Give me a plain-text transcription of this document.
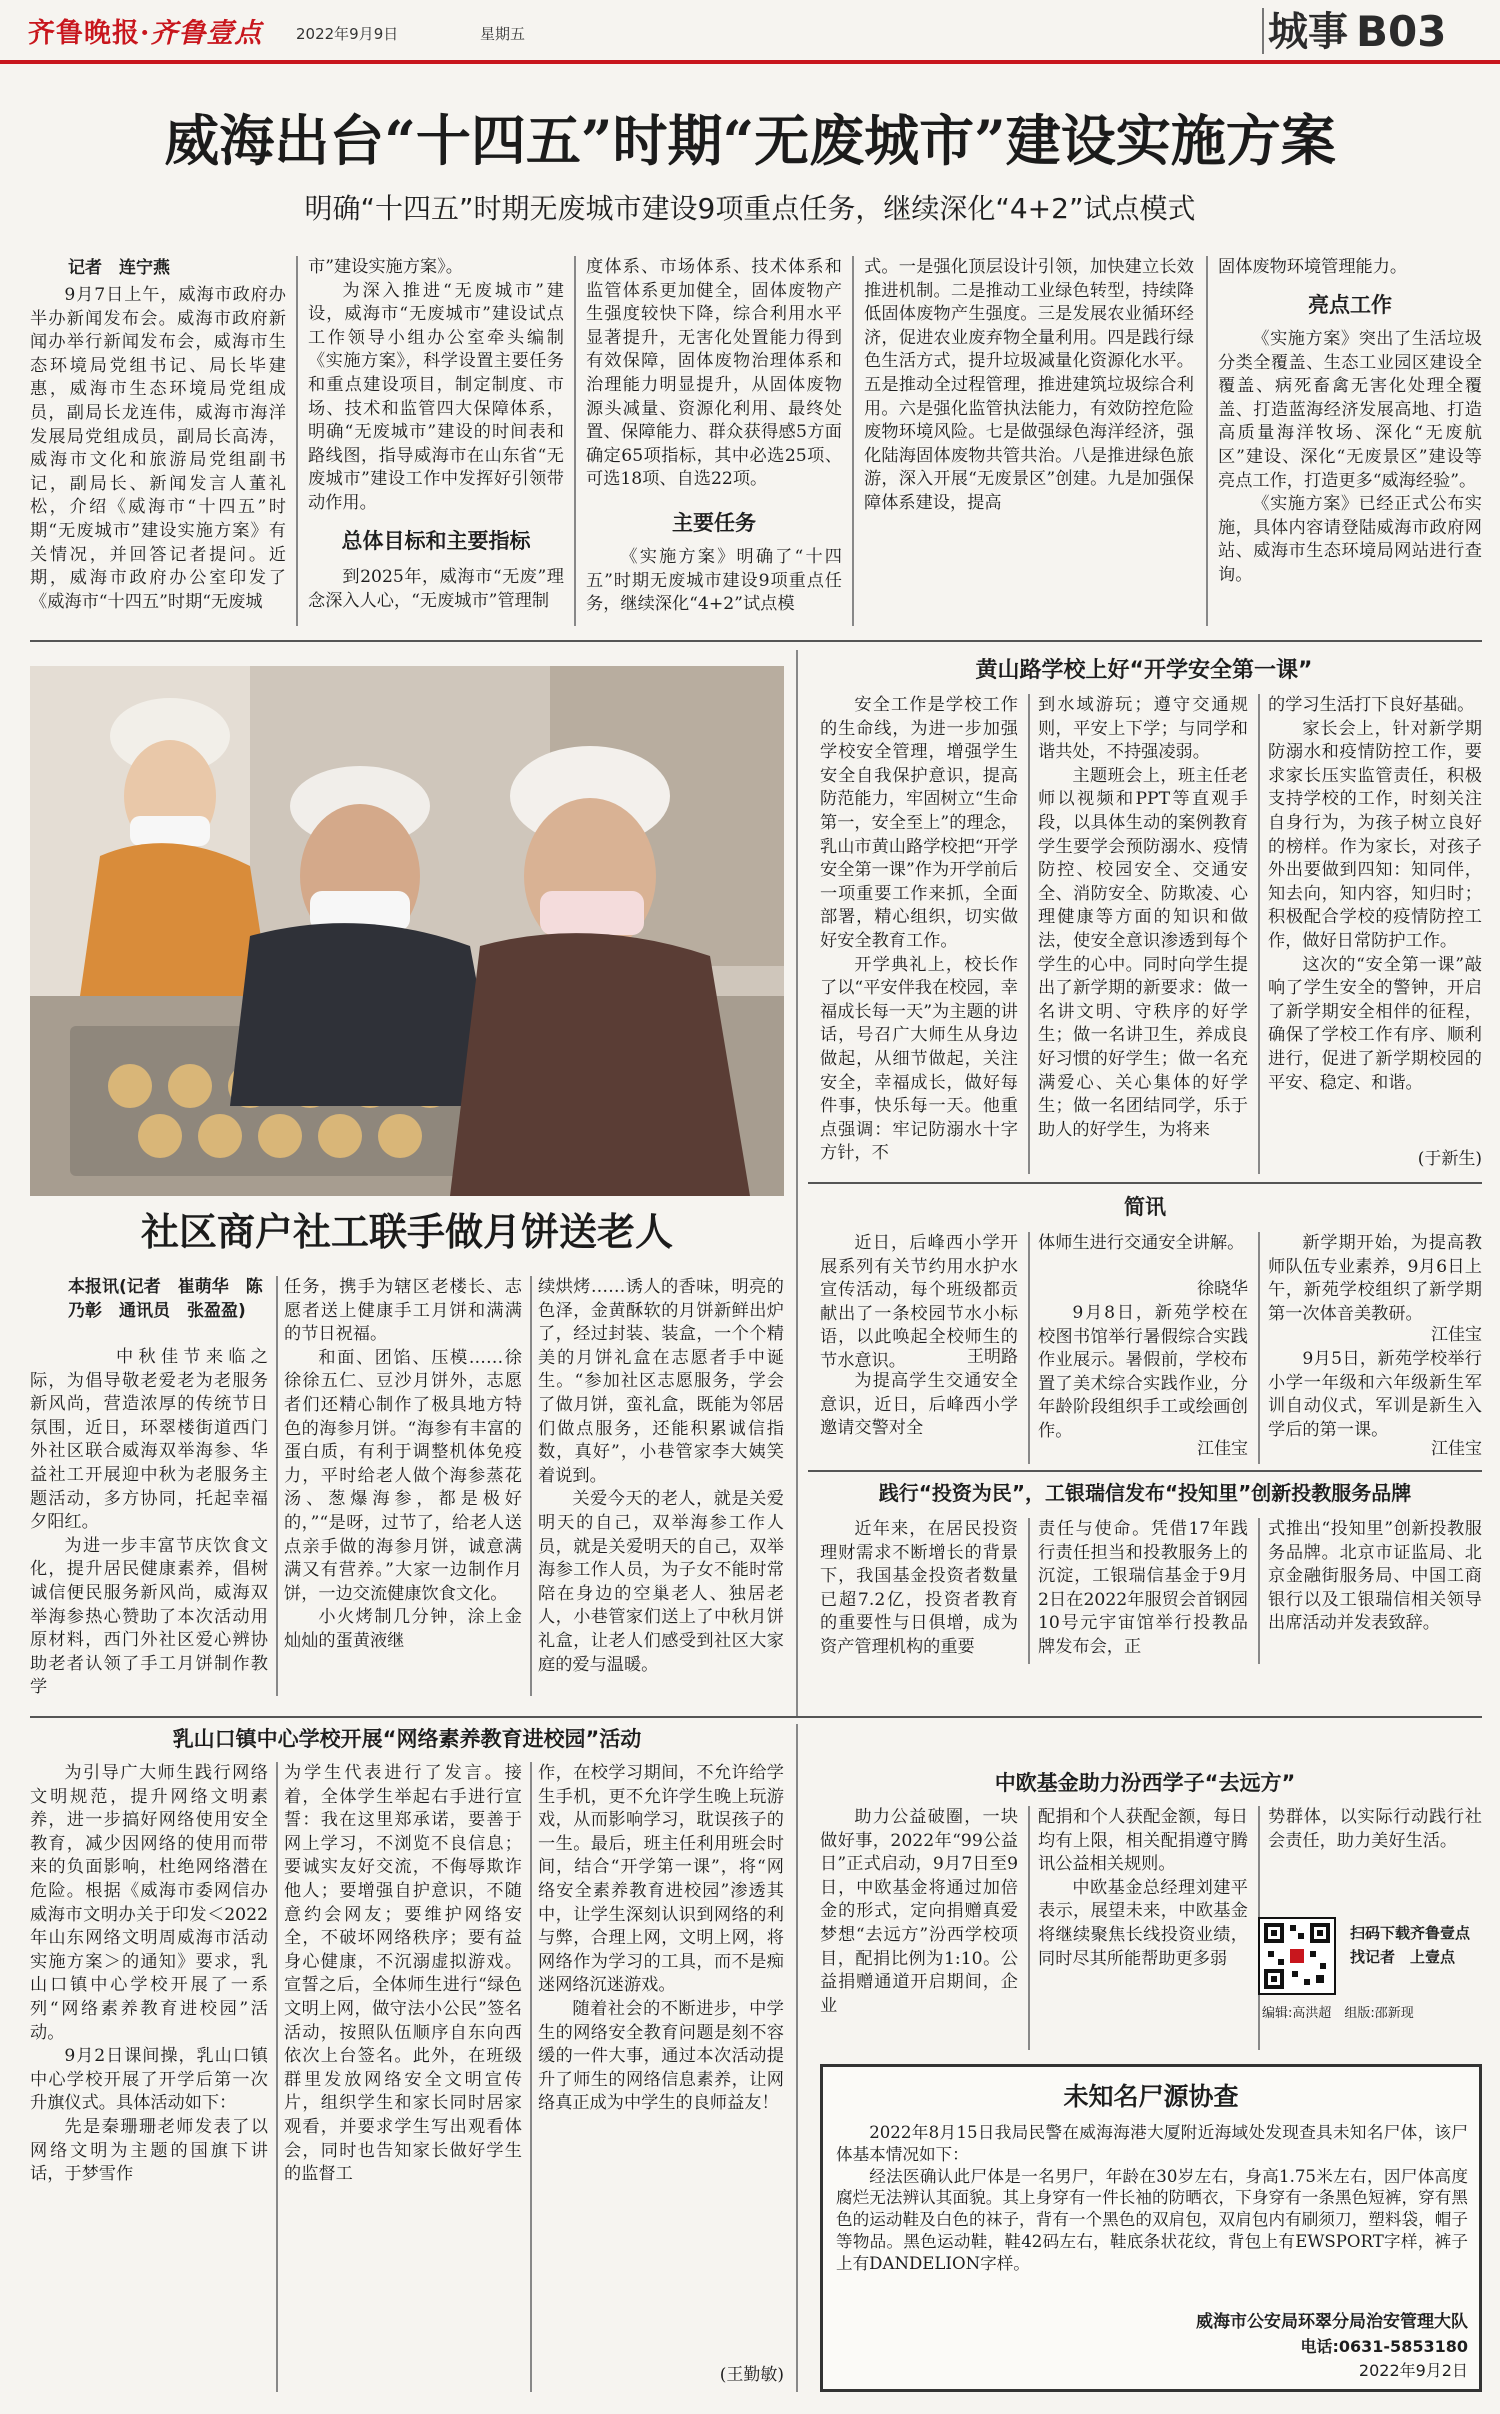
齐鲁晚报·齐鲁壹点	2022年9月9日	星期五	城事 B03
威海出台“十四五”时期“无废城市”建设实施方案
明确“十四五”时期无废城市建设9项重点任务，继续深化“4+2”试点模式
记者　连宁燕

9月7日上午，威海市政府办半办新闻发布会。威海市政府新闻办举行新闻发布会，威海市生态环境局党组书记、局长毕建惠，威海市生态环境局党组成员，副局长龙连伟，威海市海洋发展局党组成员，副局长高涛，威海市文化和旅游局党组副书记，副局长、新闻发言人董礼松，介绍《威海市“十四五”时期“无废城市”建设实施方案》有关情况，并回答记者提问。近期，威海市政府办公室印发了《威海市“十四五”时期“无废城

市”建设实施方案》。

为深入推进“无废城市”建设，威海市“无废城市”建设试点工作领导小组办公室牵头编制《实施方案》，科学设置主要任务和重点建设项目，制定制度、市场、技术和监管四大保障体系，明确“无废城市”建设的时间表和路线图，指导威海市在山东省“无废城市”建设工作中发挥好引领带动作用。

总体目标和主要指标

到2025年，威海市“无废”理念深入人心，“无废城市”管理制

度体系、市场体系、技术体系和监管体系更加健全，固体废物产生强度较快下降，综合利用水平显著提升，无害化处置能力得到有效保障，固体废物治理体系和治理能力明显提升，从固体废物源头减量、资源化利用、最终处置、保障能力、群众获得感5方面确定65项指标，其中必选25项、可选18项、自选22项。

主要任务

《实施方案》明确了“十四五”时期无废城市建设9项重点任务，继续深化“4+2”试点模

式。一是强化顶层设计引领，加快建立长效推进机制。二是推动工业绿色转型，持续降低固体废物产生强度。三是发展农业循环经济，促进农业废弃物全量利用。四是践行绿色生活方式，提升垃圾减量化资源化水平。五是推动全过程管理，推进建筑垃圾综合利用。六是强化监管执法能力，有效防控危险废物环境风险。七是做强绿色海洋经济，强化陆海固体废物共管共治。八是推进绿色旅游，深入开展“无废景区”创建。九是加强保障体系建设，提高

固体废物环境管理能力。

亮点工作

《实施方案》突出了生活垃圾分类全覆盖、生态工业园区建设全覆盖、病死畜禽无害化处理全覆盖、打造蓝海经济发展高地、打造高质量海洋牧场、深化“无废航区”建设、深化“无废景区”建设等亮点工作，打造更多“威海经验”。

《实施方案》已经正式公布实施，具体内容请登陆威海市政府网站、威海市生态环境局网站进行查询。

社区商户社工联手做月饼送老人
本报讯(记者　崔萌华　陈乃彰　通讯员　张盈盈)

中秋佳节来临之际，为倡导敬老爱老为老服务新风尚，营造浓厚的传统节日氛围，近日，环翠楼街道西门外社区联合威海双举海参、华益社工开展迎中秋为老服务主题活动，多方协同，托起幸福夕阳红。

为进一步丰富节庆饮食文化，提升居民健康素养，倡树诚信便民服务新风尚，威海双举海参热心赞助了本次活动用原材料，西门外社区爱心辨协助老者认领了手工月饼制作教学

任务，携手为辖区老楼长、志愿者送上健康手工月饼和满满的节日祝福。

和面、团馅、压模……徐徐徐五仁、豆沙月饼外，志愿者们还精心制作了极具地方特色的海参月饼。“海参有丰富的蛋白质，有利于调整机体免疫力，平时给老人做个海参蒸花汤、葱爆海参，都是极好的，”“是呀，过节了，给老人送点亲手做的海参月饼，诚意满满又有营养。”大家一边制作月饼，一边交流健康饮食文化。

小火烤制几分钟，涂上金灿灿的蛋黄液继

续烘烤……诱人的香味，明亮的色泽，金黄酥软的月饼新鲜出炉了，经过封装、装盒，一个个精美的月饼礼盒在志愿者手中诞生。“参加社区志愿服务，学会了做月饼，蛮礼盒，既能为邻居们做点服务，还能积累诚信指数，真好”，小巷管家李大姨笑着说到。

关爱今天的老人，就是关爱明天的自己，双举海参工作人员，就是关爱明天的自己，双举海参工作人员，为子女不能时常陪在身边的空巢老人、独居老人，小巷管家们送上了中秋月饼礼盒，让老人们感受到社区大家庭的爱与温暖。

黄山路学校上好“开学安全第一课”

安全工作是学校工作的生命线，为进一步加强学校安全管理，增强学生安全自我保护意识，提高防范能力，牢固树立“生命第一，安全至上”的理念，乳山市黄山路学校把“开学安全第一课”作为开学前后一项重要工作来抓，全面部署，精心组织，切实做好安全教育工作。

开学典礼上，校长作了以“平安伴我在校园，幸福成长每一天”为主题的讲话，号召广大师生从身边做起，从细节做起，关注安全，幸福成长，做好每件事，快乐每一天。他重点强调：牢记防溺水十字方针，不

到水域游玩；遵守交通规则，平安上下学；与同学和谐共处，不持强凌弱。

主题班会上，班主任老师以视频和PPT等直观手段，以具体生动的案例教育学生要学会预防溺水、疫情防控、校园安全、交通安全、消防安全、防欺凌、心理健康等方面的知识和做法，使安全意识渗透到每个学生的心中。同时向学生提出了新学期的新要求：做一名讲文明、守秩序的好学生；做一名讲卫生，养成良好习惯的好学生；做一名充满爱心、关心集体的好学生；做一名团结同学，乐于助人的好学生，为将来

的学习生活打下良好基础。

家长会上，针对新学期防溺水和疫情防控工作，要求家长压实监管责任，积极支持学校的工作，时刻关注自身行为，为孩子树立良好的榜样。作为家长，对孩子外出要做到四知：知同伴，知去向，知内容，知归时；积极配合学校的疫情防控工作，做好日常防护工作。

这次的“安全第一课”敲响了学生安全的警钟，开启了新学期安全相伴的征程，确保了学校工作有序、顺利进行，促进了新学期校园的平安、稳定、和谐。

(于新生)
简讯

近日，后峰西小学开展系列有关节约用水护水宣传活动，每个班级都贡献出了一条校园节水小标语，以此唤起全校师生的节水意识。	王明路

为提高学生交通安全意识，近日，后峰西小学邀请交警对全

体师生进行交通安全讲解。

徐晓华

9月8日，新苑学校在校图书馆举行暑假综合实践作业展示。暑假前，学校布置了美术综合实践作业，分年龄阶段组织手工或绘画创作。

江佳宝

新学期开始，为提高教师队伍专业素养，9月6日上午，新苑学校组织了新学期第一次体音美教研。

江佳宝

9月5日，新苑学校举行小学一年级和六年级新生军训自动仪式，军训是新生入学后的第一课。

江佳宝
践行“投资为民”，工银瑞信发布“投知里”创新投教服务品牌

近年来，在居民投资理财需求不断增长的背景下，我国基金投资者数量已超7.2亿，投资者教育的重要性与日俱增，成为资产管理机构的重要

责任与使命。凭借17年践行责任担当和投教服务上的沉淀，工银瑞信基金于9月2日在2022年服贸会首钢园10号元宇宙馆举行投教品牌发布会，正

式推出“投知里”创新投教服务品牌。北京市证监局、北京金融街服务局、中国工商银行以及工银瑞信相关领导出席活动并发表致辞。

乳山口镇中心学校开展“网络素养教育进校园”活动

为引导广大师生践行网络文明规范，提升网络文明素养，进一步搞好网络使用安全教育，减少因网络的使用而带来的负面影响，杜绝网络潜在危险。根据《威海市委网信办威海市文明办关于印发＜2022年山东网络文明周威海市活动实施方案＞的通知》要求，乳山口镇中心学校开展了一系列“网络素养教育进校园”活动。

9月2日课间操，乳山口镇中心学校开展了开学后第一次升旗仪式。具体活动如下：

先是秦珊珊老师发表了以网络文明为主题的国旗下讲话，于梦雪作

为学生代表进行了发言。接着，全体学生举起右手进行宣誓：我在这里郑承诺，要善于网上学习，不浏览不良信息；要诚实友好交流，不侮辱欺诈他人；要增强自护意识，不随意约会网友；要维护网络安全，不破坏网络秩序；要有益身心健康，不沉溺虚拟游戏。宣誓之后，全体师生进行“绿色文明上网，做守法小公民”签名活动，按照队伍顺序自东向西依次上台签名。此外，在班级群里发放网络安全文明宣传片，组织学生和家长同时居家观看，并要求学生写出观看体会，同时也告知家长做好学生的监督工

作，在校学习期间，不允许给学生手机，更不允许学生晚上玩游戏，从而影响学习，耽误孩子的一生。最后，班主任利用班会时间，结合“开学第一课”，将“网络安全素养教育进校园”渗透其中，让学生深刻认识到网络的利与弊，合理上网，文明上网，将网络作为学习的工具，而不是痴迷网络沉迷游戏。

随着社会的不断进步，中学生的网络安全教育问题是刻不容缓的一件大事，通过本次活动提升了师生的网络信息素养，让网络真正成为中学生的良师益友！

(王勤敏)
中欧基金助力汾西学子“去远方”

助力公益破圈，一块做好事，2022年“99公益日”正式启动，9月7日至9日，中欧基金将通过加倍金的形式，定向捐赠真爱梦想“去远方”汾西学校项目，配捐比例为1:10。公益捐赠通道开启期间，企业

配捐和个人获配金额，每日均有上限，相关配捐遵守腾讯公益相关规则。

中欧基金总经理刘建平表示，展望未来，中欧基金将继续聚焦长线投资业绩，同时尽其所能帮助更多弱

势群体，以实际行动践行社会责任，助力美好生活。

扫码下载齐鲁壹点
找记者　上壹点
编辑:高洪超　组版:邵新现
未知名尸源协查

2022年8月15日我局民警在威海海港大厦附近海域处发现查具未知名尸体，该尸体基本情况如下：

经法医确认此尸体是一名男尸，年龄在30岁左右，身高1.75米左右，因尸体高度腐烂无法辨认其面貌。其上身穿有一件长袖的防晒衣，下身穿有一条黑色短裤，穿有黑色的运动鞋及白色的袜子，背有一个黑色的双肩包，双肩包内有刷须刀，塑料袋，帽子等物品。黑色运动鞋，鞋42码左右，鞋底条状花纹，背包上有EWSPORT字样，裤子上有DANDELION字样。

威海市公安局环翠分局治安管理大队
电话:0631-5853180
2022年9月2日
